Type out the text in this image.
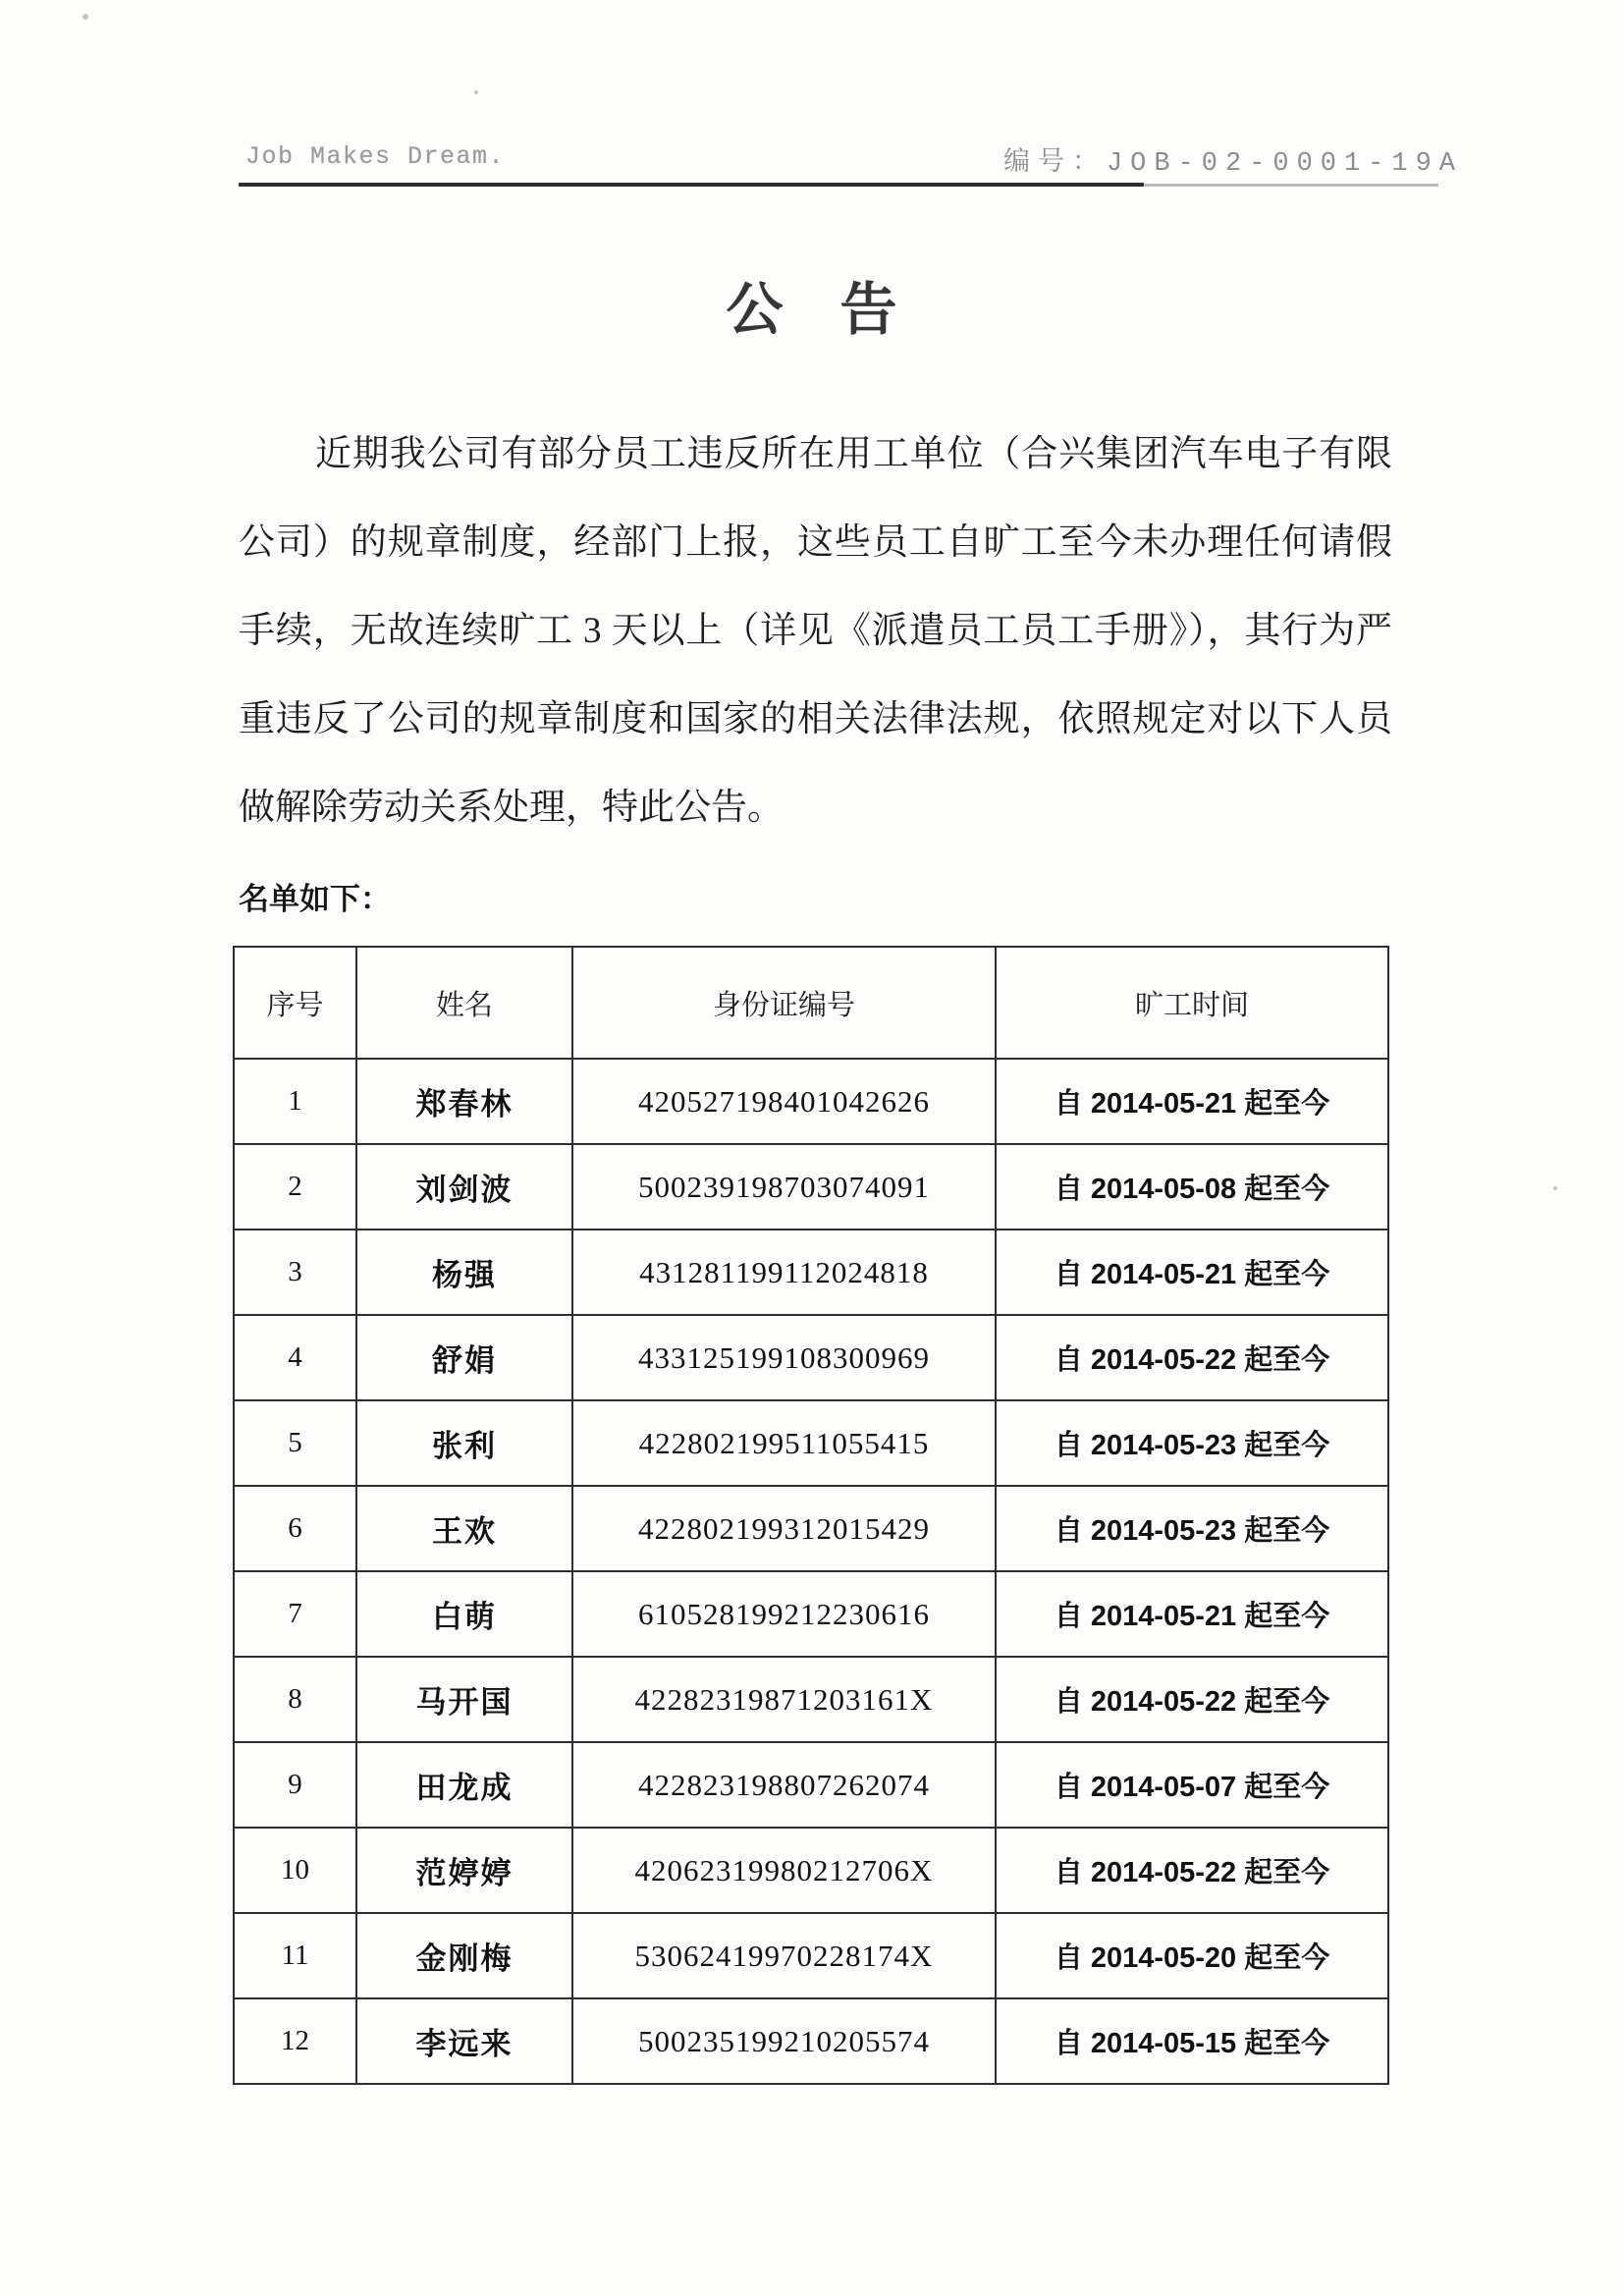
Job Makes Dream.	编号：JOB-02-0001-19A
公　告
近期我公司有部分员工违反所在用工单位（合兴集团汽车电子有限公司）的规章制度，经部门上报，这些员工自旷工至今未办理任何请假手续，无故连续旷工 3 天以上（详见《派遣员工员工手册》），其行为严重违反了公司的规章制度和国家的相关法律法规，依照规定对以下人员做解除劳动关系处理，特此公告。
名单如下：
序号	姓名	身份证编号	旷工时间
1	郑春林	420527198401042626	自 2014-05-21 起至今
2	刘剑波	500239198703074091	自 2014-05-08 起至今
3	杨强	431281199112024818	自 2014-05-21 起至今
4	舒娟	433125199108300969	自 2014-05-22 起至今
5	张利	422802199511055415	自 2014-05-23 起至今
6	王欢	422802199312015429	自 2014-05-23 起至今
7	白萌	610528199212230616	自 2014-05-21 起至今
8	马开国	42282319871203161X	自 2014-05-22 起至今
9	田龙成	422823198807262074	自 2014-05-07 起至今
10	范婷婷	42062319980212706X	自 2014-05-22 起至今
11	金刚梅	53062419970228174X	自 2014-05-20 起至今
12	李远来	500235199210205574	自 2014-05-15 起至今
